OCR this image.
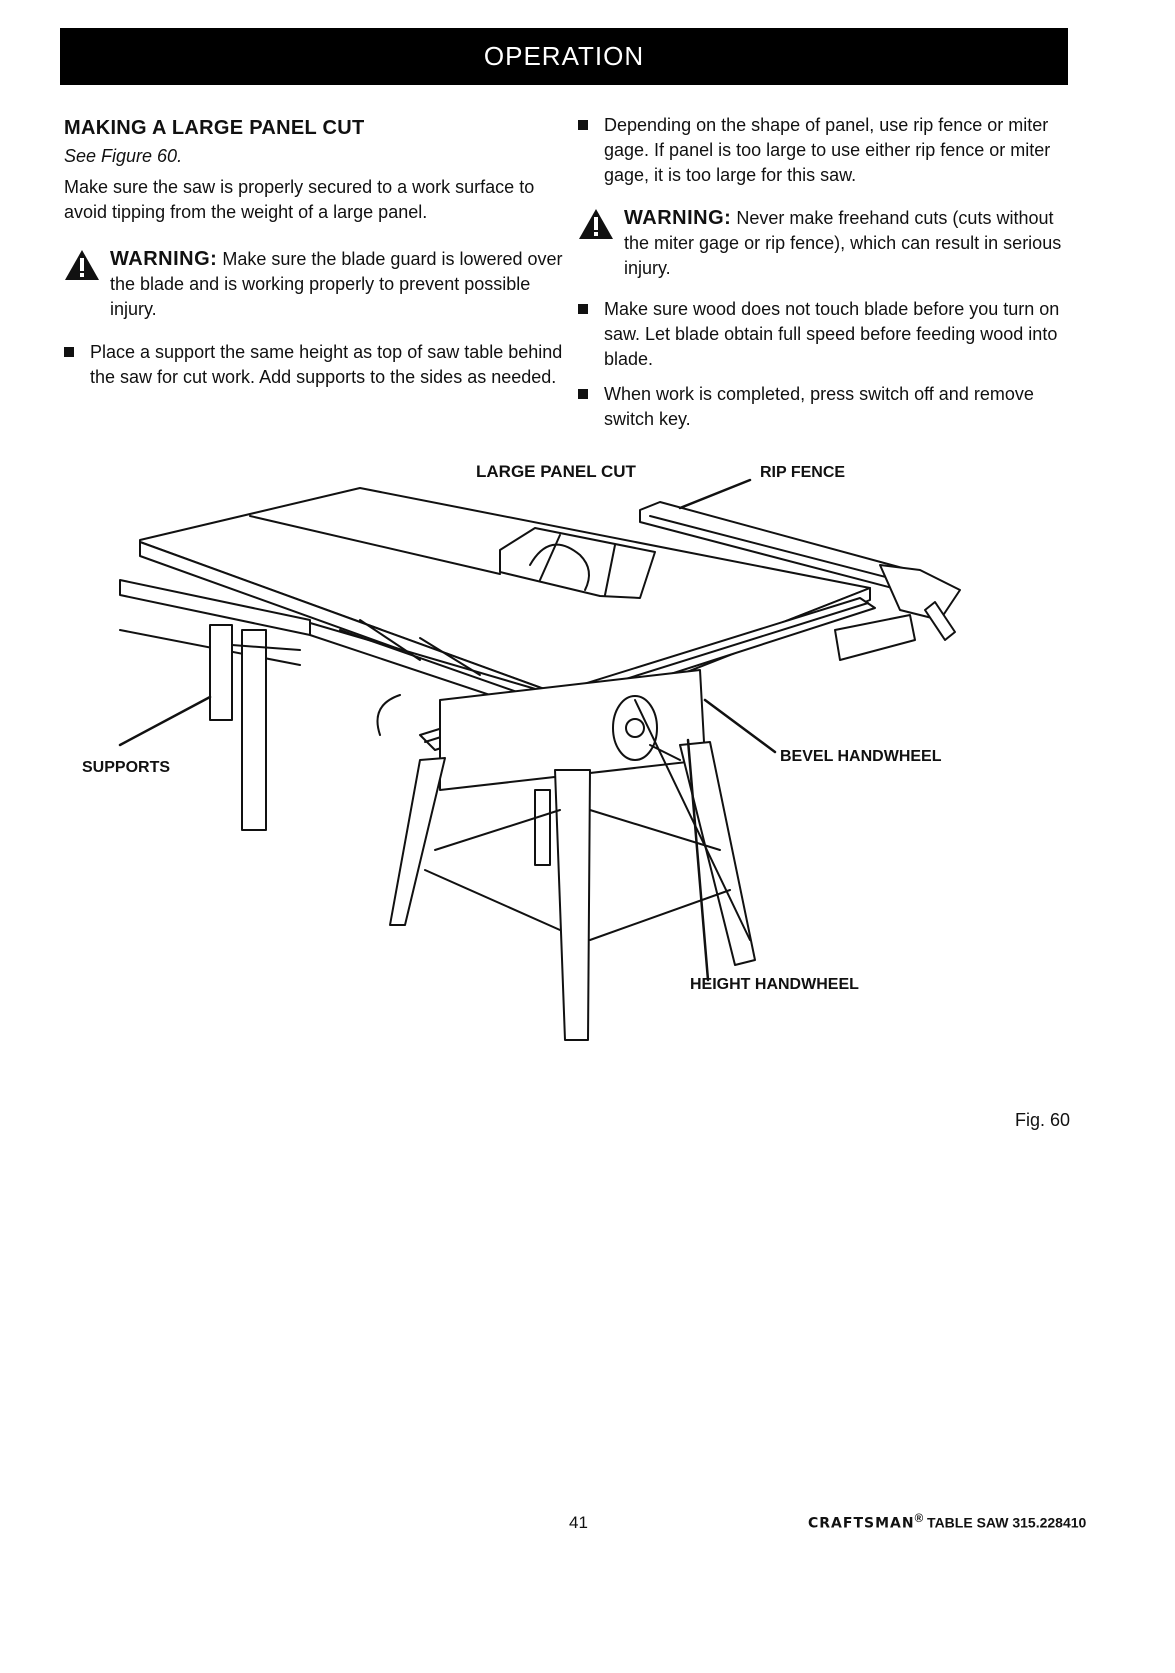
OPERATION
MAKING A LARGE PANEL CUT
See Figure 60.

Make sure the saw is properly secured to a work surface to avoid tipping from the weight of a large panel.

WARNING: Make sure the blade guard is lowered over the blade and is working properly to prevent possible injury.
Place a support the same height as top of saw table behind the saw for cut work. Add supports to the sides as needed.
Depending on the shape of panel, use rip fence or miter gage. If panel is too large to use either rip fence or miter gage, it is too large for this saw.
WARNING: Never make freehand cuts (cuts without the miter gage or rip fence), which can result in serious injury.
Make sure wood does not touch blade before you turn on saw. Let blade obtain full speed before feeding wood into blade.
When work is completed, press switch off and remove switch key.
LARGE PANEL CUT	RIP FENCE
SUPPORTS
BEVEL HANDWHEEL
HEIGHT HANDWHEEL
Fig. 60
41	CRAFTSMAN® TABLE SAW 315.228410
